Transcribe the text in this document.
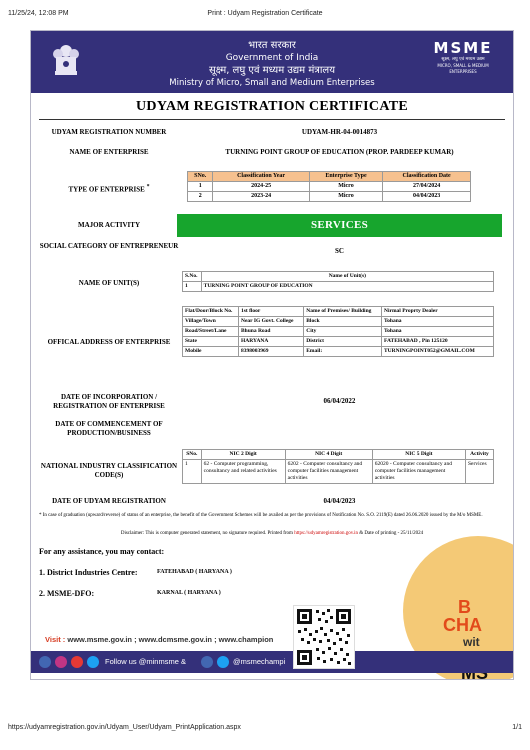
11/25/24, 12:08 PM	Print : Udyam Registration Certificate
भारत सरकार
Government of India
सूक्ष्म, लघु एवं मध्यम उद्यम मंत्रालय
Ministry of Micro, Small and Medium Enterprises
MSME
सूक्ष्म, लघु एवं मध्यम उद्यम
MICRO, SMALL & MEDIUM ENTERPRISES
UDYAM REGISTRATION CERTIFICATE
UDYAM REGISTRATION NUMBER	UDYAM-HR-04-0014873
NAME OF ENTERPRISE	TURNING POINT GROUP OF EDUCATION (PROP. PARDEEP KUMAR)
TYPE OF ENTERPRISE *
SNo.	Classification Year	Enterprise Type	Classification Date
1	2024-25	Micro	27/04/2024
2	2023-24	Micro	04/04/2023
MAJOR ACTIVITY	SERVICES
SOCIAL CATEGORY OF ENTREPRENEUR
SC
NAME OF UNIT(S)
S.No.	Name of Unit(s)
1	TURNING POINT GROUP OF EDUCATION
OFFICAL ADDRESS OF ENTERPRISE
Flat/Door/Block No.	1st floor	Name of Premises/ Building	Nirmal Proprty Dealer
Village/Town	Near IG Govt. College	Block	Tohana
Road/Street/Lane	Bhuna Road	City	Tohana
State	HARYANA	District	FATEHABAD , Pin 125120
Mobile	8398003969	Email:	TURNINGPOINT052@GMAIL.COM
DATE OF INCORPORATION / REGISTRATION OF ENTERPRISE
06/04/2022
DATE OF COMMENCEMENT OF PRODUCTION/BUSINESS
NATIONAL INDUSTRY CLASSIFICATION CODE(S)
SNo.	NIC 2 Digit	NIC 4 Digit	NIC 5 Digit	Activity
1	62 - Computer programming, consultancy and related activities	6202 - Computer consultancy and computer facilities management activities	62020 - Computer consultancy and computer facilities management activities	Services
DATE OF UDYAM REGISTRATION	04/04/2023
* In case of graduation (upward/reverse) of status of an enterprise, the benefit of the Government Schemes will be availed as per the provisions of Notification No. S.O. 2119(E) dated 26.06.2020 issued by the M/o MSME.
Disclaimer: This is computer generated statement, no signature required. Printed from https://udyamregistration.gov.in & Date of printing - 25/11/2024
For any assistance, you may contact:
1. District Industries Centre:	FATEHABAD ( HARYANA )
2. MSME-DFO:	KARNAL ( HARYANA )
B
CHA
wit
Visit : www.msme.gov.in ; www.dcmsme.gov.in ; www.champion
Follow us @minmsme &	@msmechampi
https://udyamregistration.gov.in/Udyam_User/Udyam_PrintApplication.aspx	1/1
